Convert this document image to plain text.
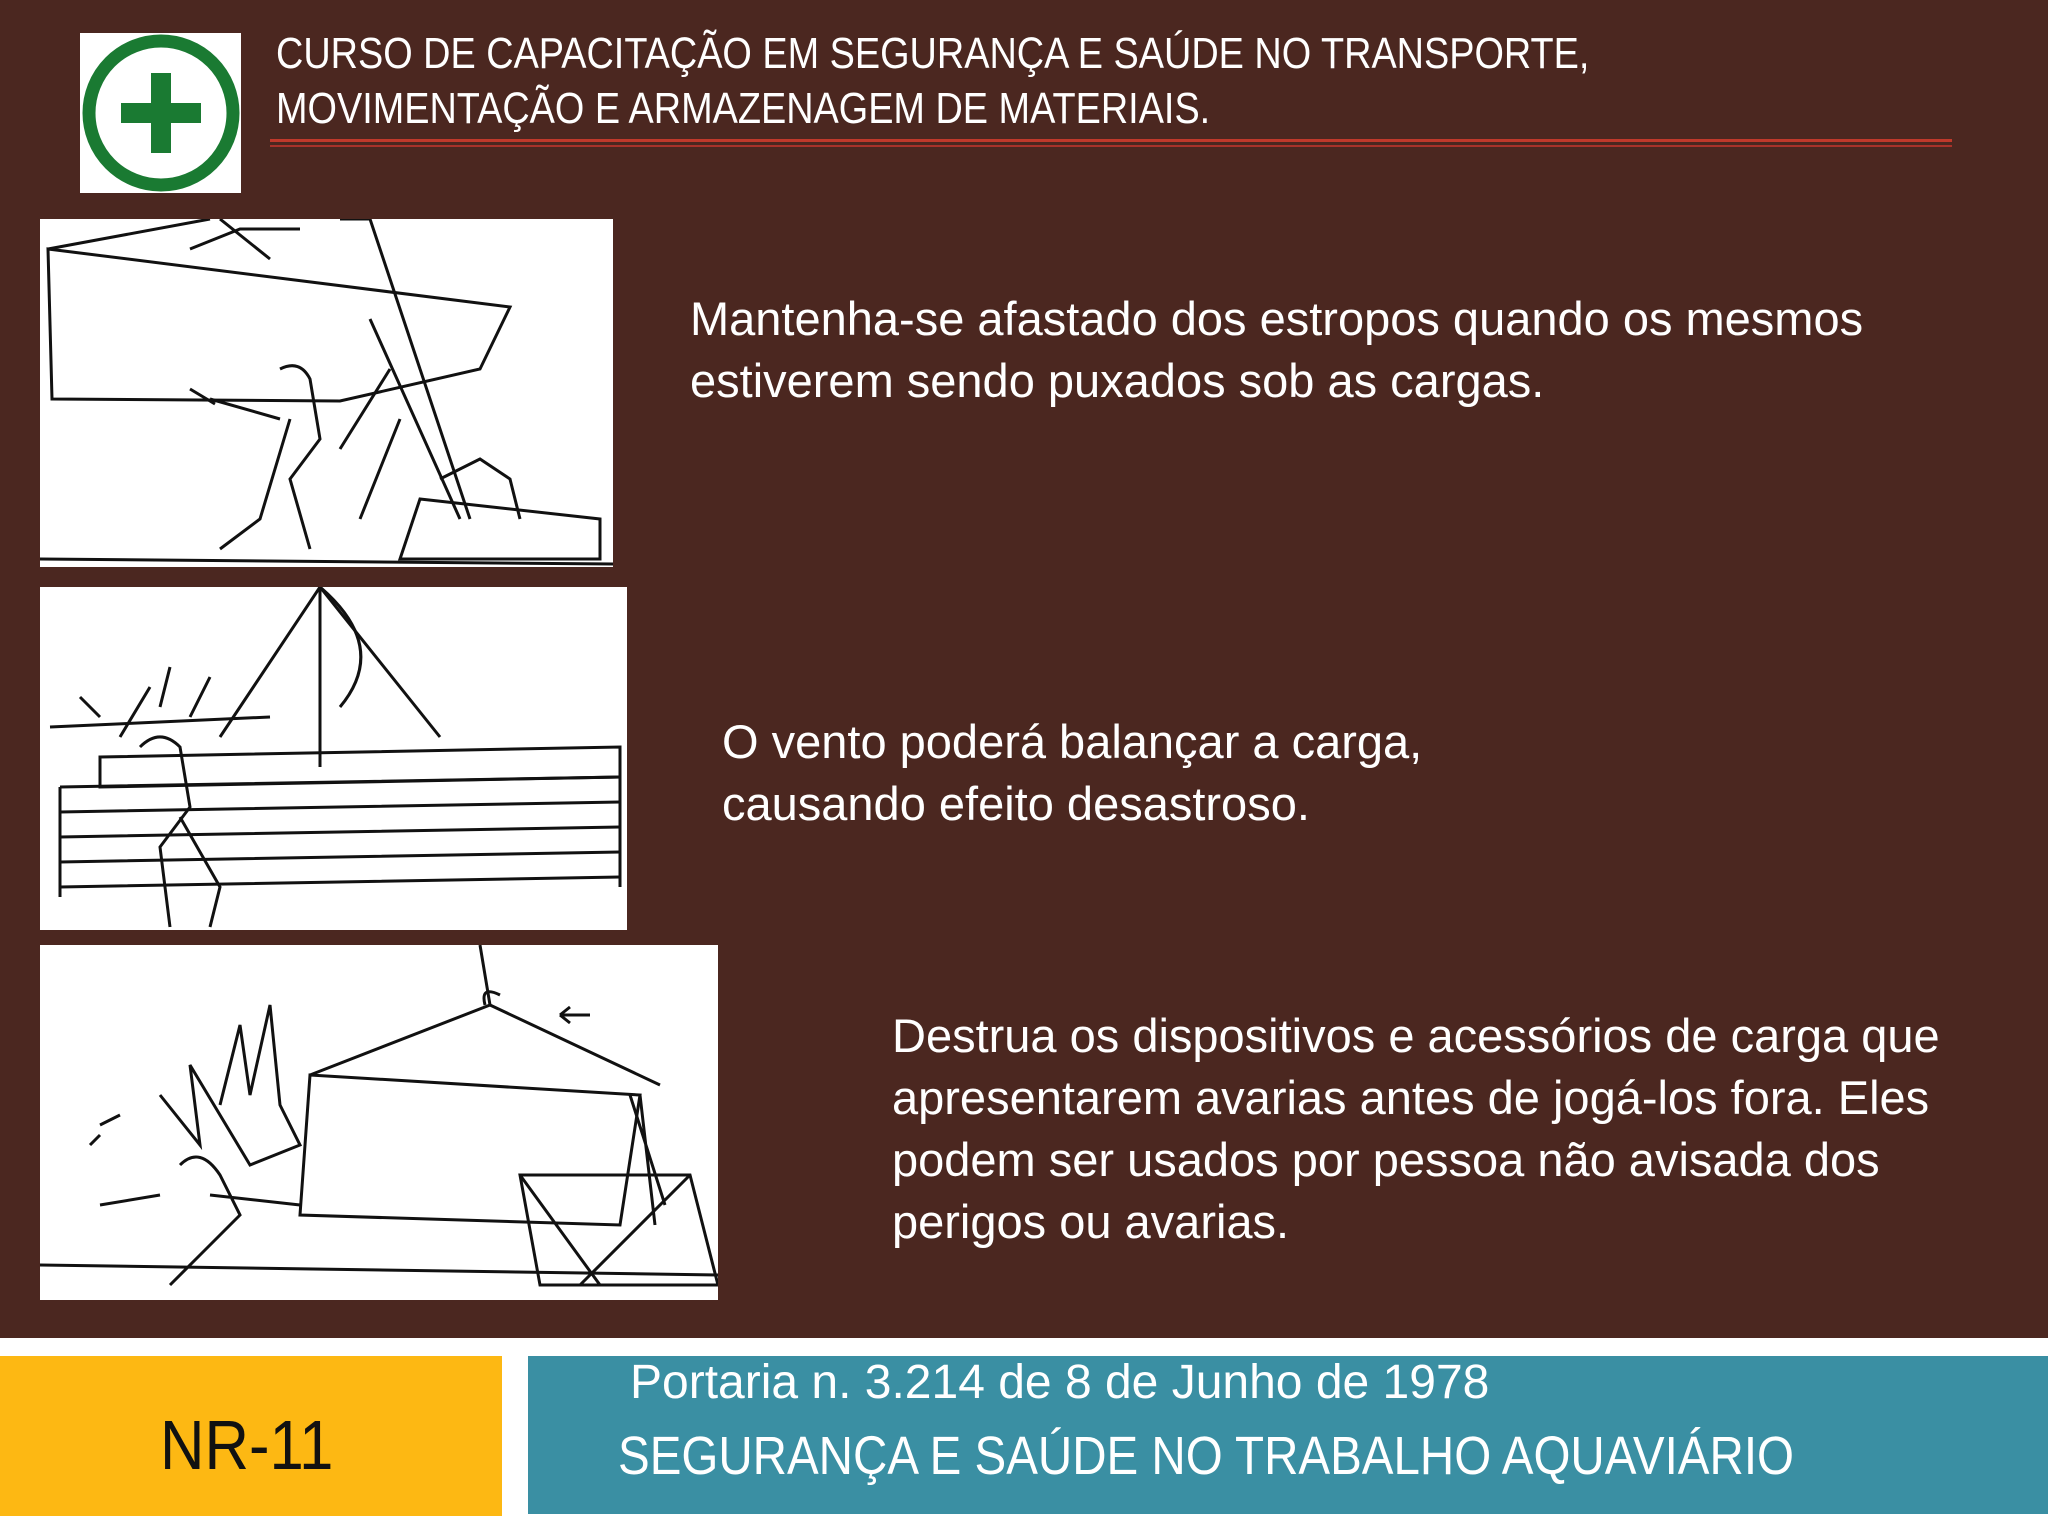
CURSO DE CAPACITAÇÃO EM SEGURANÇA E SAÚDE NO TRANSPORTE, MOVIMENTAÇÃO E ARMAZENAGEM DE MATERIAIS.
Mantenha-se afastado dos estropos quando os mesmos estiverem sendo puxados sob as cargas.
O vento poderá balançar a carga, causando efeito desastroso.
Destrua os dispositivos e acessórios de carga que apresentarem avarias antes de jogá-los fora. Eles podem ser usados por pessoa não avisada dos perigos ou avarias.
NR-11
Portaria n. 3.214 de 8 de Junho de 1978
SEGURANÇA E SAÚDE NO TRABALHO AQUAVIÁRIO
